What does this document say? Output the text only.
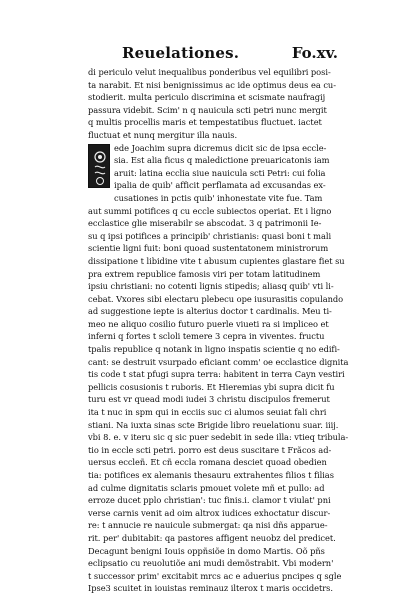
Reuelationes.	Fo.xv.
di periculo velut inequalibus ponderibus vel equilibri posi-
ta narabit. Et nisi benignissimus ac ide optimus deus ea cu-
stodierit. multa periculo discrimina et scismate naufragij
passura videbit. Scim' n q nauicula scti petri nunc mergit
q multis procellis maris et tempestatibus fluctuet. iactet
fluctuat et nunq mergitur illa nauis.
ede Joachim supra dicremus dicit sic de ipsa eccle-
sia. Est alia ficus q maledictione preuaricatonis iam
aruit: latina ecclia siue nauicula scti Petri: cui folia
ipalia de quib' afficit perflamata ad excusandas ex-
cusationes in pctis quib' inhonestate vite fue. Tam
aut summi potifices q cu eccle subiectos operiat. Et i ligno
ecclastice glie miserabilr se abscodat. 3 q patrimonii Ie-
su q ipsi potifices a principib' christianis: quasi boni t mali
scientie ligni fuit: boni quoad sustentatonem ministrorum
dissipatione t libidine vite t abusum cupientes glastare fiet su
pra extrem republice famosis viri per totam latitudinem
ipsiu christiani: no cotenti lignis stipedis; aliasq quib' vti li-
cebat. Vxores sibi electaru plebecu ope iusurasitis copulando
ad suggestione iepte is alterius doctor t cardinalis. Meu ti-
meo ne aliquo cosilio futuro puerle viueti ra si impliceo et
inferni q fortes t scloli temere 3 cepra in viventes. fructu
tpalis republice q notank in ligno inspatis scientie q no edifi-
cant: se destruit vsurpado eficiant comm' oe ecclastice dignita
tis code t stat pfugi supra terra: habitent in terra Cayn vestiri
pellicis cosusionis t ruboris. Et Hieremias ybi supra dicit fu
turu est vr quead modi iudei 3 christu discipulos fremerut
ita t nuc in spm qui in ecciis suc ci alumos seuiat fali chri
stiani. Na iuxta sinas scte Brigide libro reuelationu suar. iiij.
vbi 8. e. v iteru sic q sic puer sedebit in sede illa: vtieq tribula-
tio in eccle scti petri. porro est deus suscitare t Frãcos ad-
uersus eccleñ. Et cñ eccla romana desciet quoad obedien
tia: potifices ex alemanis thesauru extrahentes filios t filias
ad culme dignitatis sclaris pmouet volete mñ et pullo: ad
erroze ducet pplo christian': tuc finis.i. clamor t viulat' pni
verse carnis venit ad oim altrox iudices exhoctatur discur-
re: t annucie re nauicule submergat: qa nisi dñs apparue-
rit. per' dubitabit: qa pastores affigent neuobz del predicet.
Decagunt benigni Iouis oppñsiõe in domo Martis. Oõ pñs
eclipsatio cu reuolutiõe ani mudi demõstrabit. Vbi modern'
t successor prim' excitabit mrcs ac e aduerius pncipes q sgle
Ipse3 scuitet in iouistas reminauz ilterox t maris occidetrs.
